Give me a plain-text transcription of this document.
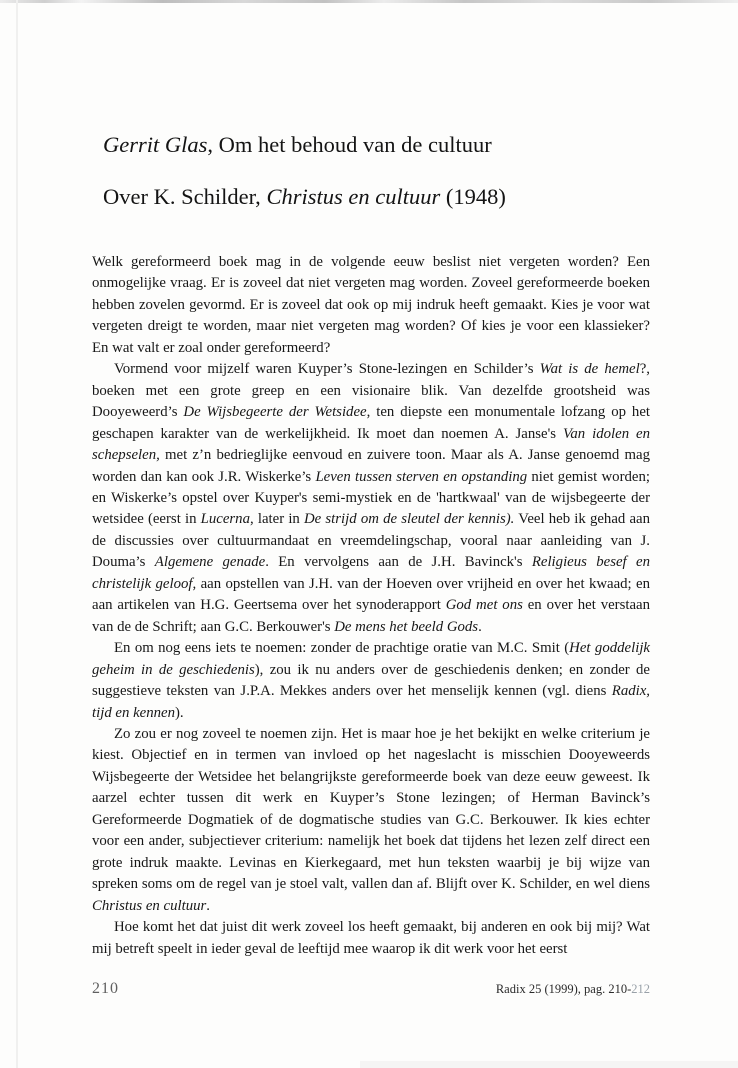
Gerrit Glas, Om het behoud van de cultuur
Over K. Schilder, Christus en cultuur (1948)

Welk gereformeerd boek mag in de volgende eeuw beslist niet vergeten worden? Een onmogelijke vraag. Er is zoveel dat niet vergeten mag worden. Zoveel gereformeerde boeken hebben zovelen gevormd. Er is zoveel dat ook op mij indruk heeft gemaakt. Kies je voor wat vergeten dreigt te worden, maar niet vergeten mag worden? Of kies je voor een klassieker? En wat valt er zoal onder gereformeerd?

Vormend voor mijzelf waren Kuyper’s Stone-lezingen en Schilder’s Wat is de hemel?, boeken met een grote greep en een visionaire blik. Van dezelfde grootsheid was Dooyeweerd’s De Wijsbegeerte der Wetsidee, ten diepste een monumentale lofzang op het geschapen karakter van de werkelijkheid. Ik moet dan noemen A. Janse's Van idolen en schepselen, met z’n bedrieglijke eenvoud en zuivere toon. Maar als A. Janse genoemd mag worden dan kan ook J.R. Wiskerke’s Leven tussen sterven en opstanding niet gemist worden; en Wiskerke’s opstel over Kuyper's semi-mystiek en de 'hartkwaal' van de wijsbegeerte der wetsidee (eerst in Lucerna, later in De strijd om de sleutel der kennis). Veel heb ik gehad aan de discussies over cultuurmandaat en vreemdelingschap, vooral naar aanleiding van J. Douma’s Algemene genade. En vervolgens aan de J.H. Bavinck's Religieus besef en christelijk geloof, aan opstellen van J.H. van der Hoeven over vrijheid en over het kwaad; en aan artikelen van H.G. Geertsema over het synoderapport God met ons en over het verstaan van de de Schrift; aan G.C. Berkouwer's De mens het beeld Gods.

En om nog eens iets te noemen: zonder de prachtige oratie van M.C. Smit (Het goddelijk geheim in de geschiedenis), zou ik nu anders over de geschiedenis denken; en zonder de suggestieve teksten van J.P.A. Mekkes anders over het menselijk kennen (vgl. diens Radix, tijd en kennen).

Zo zou er nog zoveel te noemen zijn. Het is maar hoe je het bekijkt en welke criterium je kiest. Objectief en in termen van invloed op het nageslacht is misschien Dooyeweerds Wijsbegeerte der Wetsidee het belangrijkste gereformeerde boek van deze eeuw geweest. Ik aarzel echter tussen dit werk en Kuyper’s Stone lezingen; of Herman Bavinck’s Gereformeerde Dogmatiek of de dogmatische studies van G.C. Berkouwer. Ik kies echter voor een ander, subjectiever criterium: namelijk het boek dat tijdens het lezen zelf direct een grote indruk maakte. Levinas en Kierkegaard, met hun teksten waarbij je bij wijze van spreken soms om de regel van je stoel valt, vallen dan af. Blijft over K. Schilder, en wel diens Christus en cultuur.

Hoe komt het dat juist dit werk zoveel los heeft gemaakt, bij anderen en ook bij mij? Wat mij betreft speelt in ieder geval de leeftijd mee waarop ik dit werk voor het eerst

210	Radix 25 (1999), pag. 210-212
